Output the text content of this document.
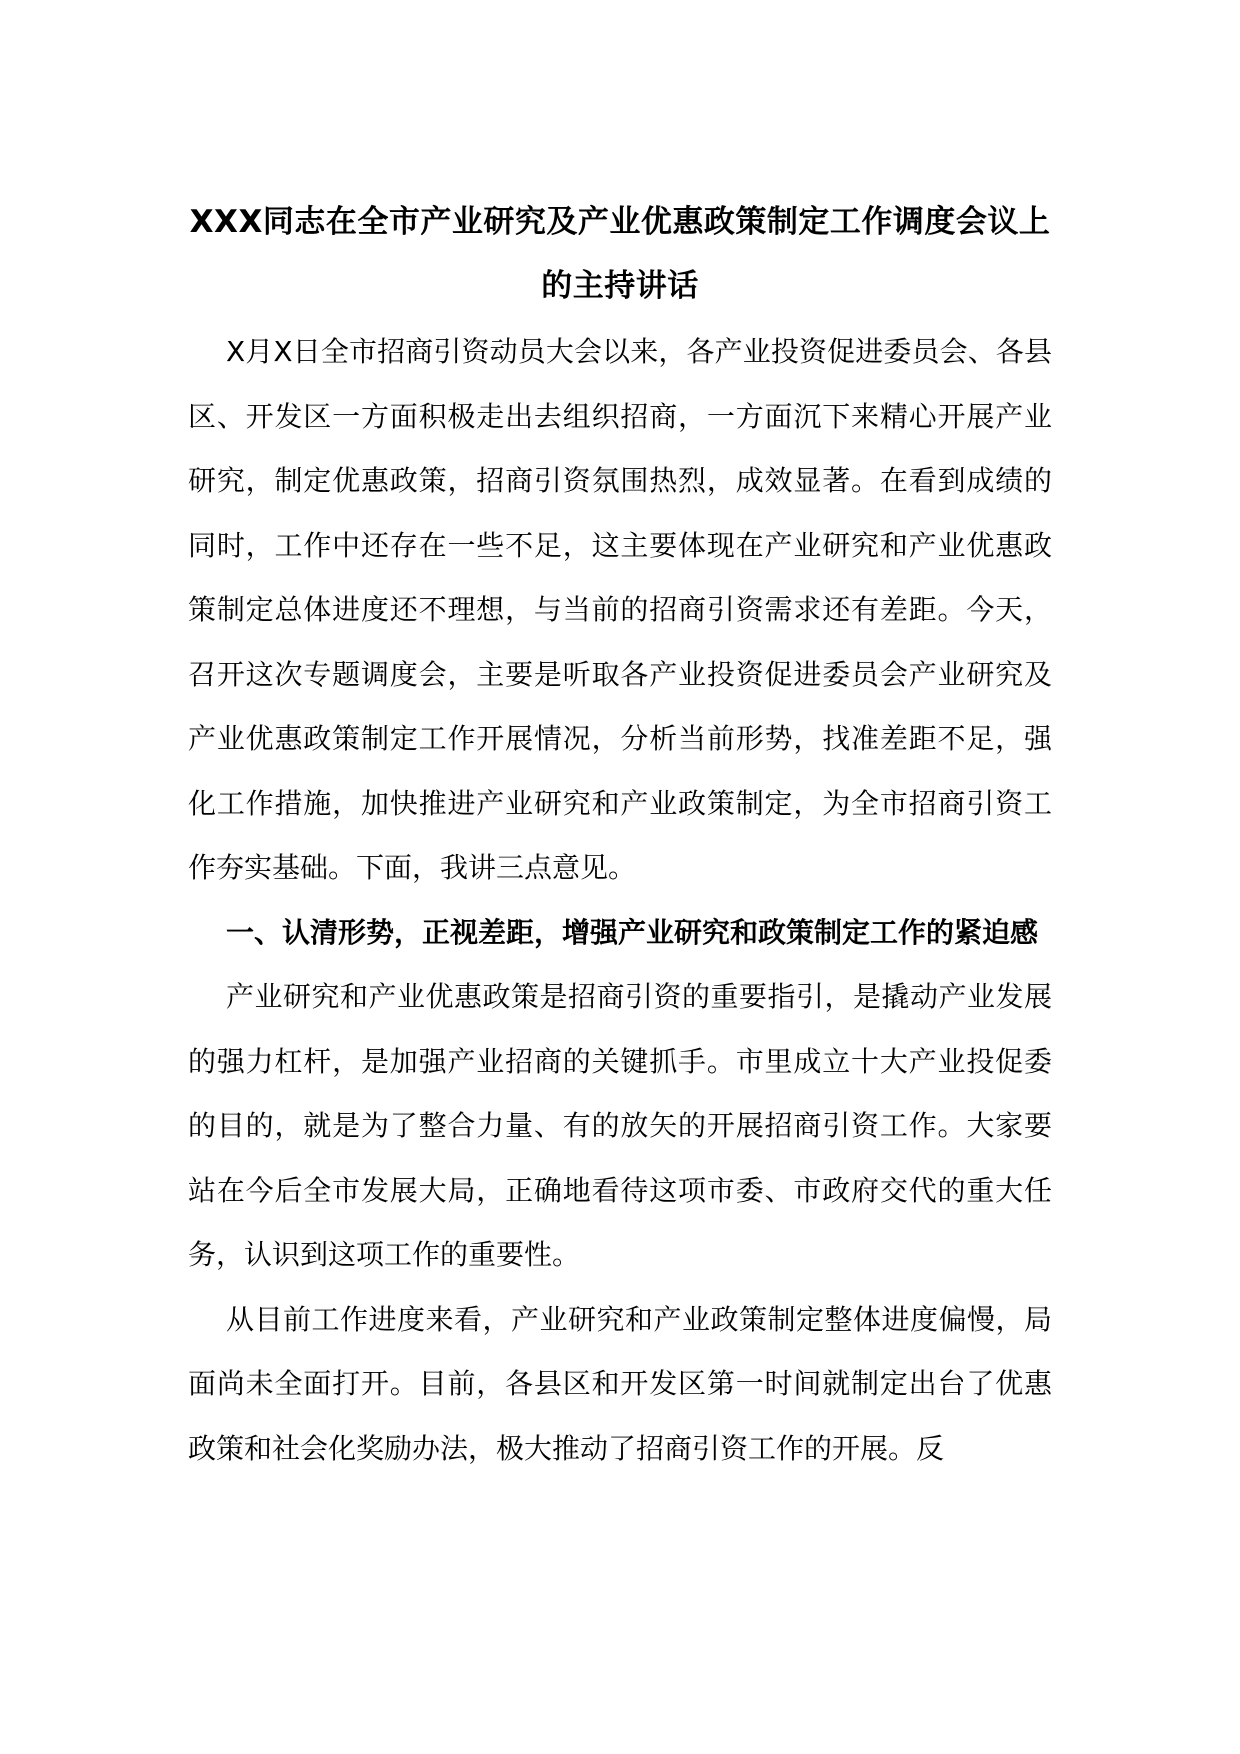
XXX同志在全市产业研究及产业优惠政策制定工作调度会议上的主持讲话

X月X日全市招商引资动员大会以来，各产业投资促进委员会、各县区、开发区一方面积极走出去组织招商，一方面沉下来精心开展产业研究，制定优惠政策，招商引资氛围热烈，成效显著。在看到成绩的同时，工作中还存在一些不足，这主要体现在产业研究和产业优惠政策制定总体进度还不理想，与当前的招商引资需求还有差距。今天，召开这次专题调度会，主要是听取各产业投资促进委员会产业研究及产业优惠政策制定工作开展情况，分析当前形势，找准差距不足，强化工作措施，加快推进产业研究和产业政策制定，为全市招商引资工作夯实基础。下面，我讲三点意见。

一、认清形势，正视差距，增强产业研究和政策制定工作的紧迫感

产业研究和产业优惠政策是招商引资的重要指引，是撬动产业发展的强力杠杆，是加强产业招商的关键抓手。市里成立十大产业投促委的目的，就是为了整合力量、有的放矢的开展招商引资工作。大家要站在今后全市发展大局，正确地看待这项市委、市政府交代的重大任务，认识到这项工作的重要性。

从目前工作进度来看，产业研究和产业政策制定整体进度偏慢，局面尚未全面打开。目前，各县区和开发区第一时间就制定出台了优惠政策和社会化奖励办法，极大推动了招商引资工作的开展。反
